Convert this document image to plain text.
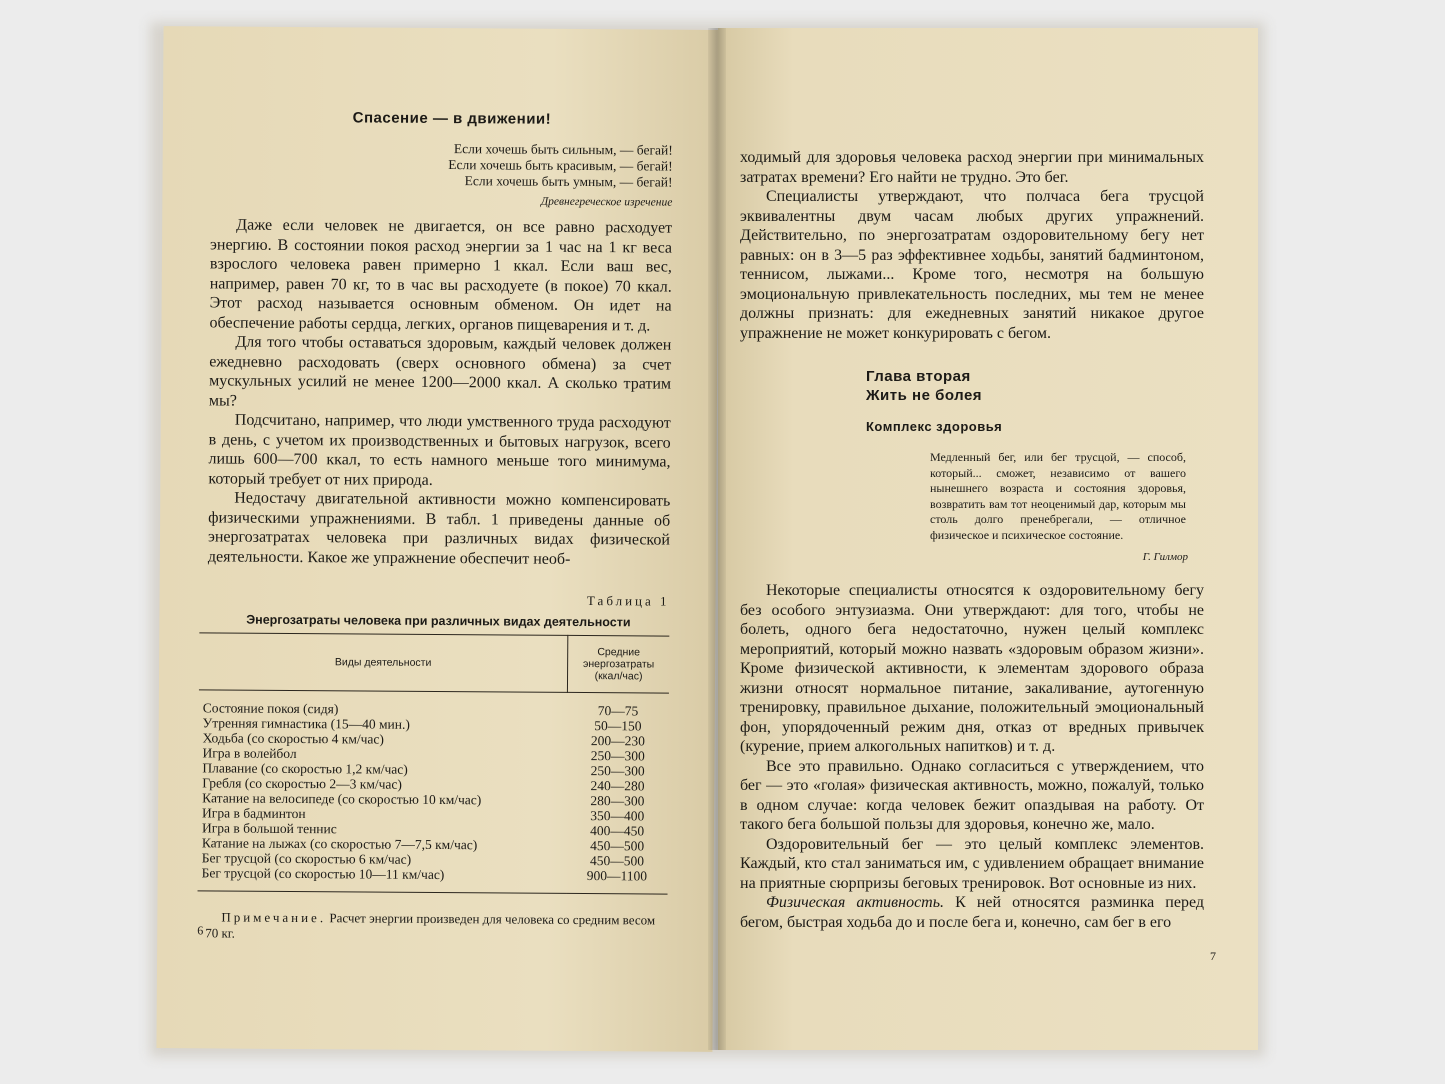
Спасение — в движении!
Если хочешь быть сильным, — бегай!
Если хочешь быть красивым, — бегай!
Если хочешь быть умным, — бегай!
Древнегреческое изречение

Даже если человек не двигается, он все равно расходует энергию. В состоянии покоя расход энергии за 1 час на 1 кг веса взрослого человека равен примерно 1 ккал. Если ваш вес, например, равен 70 кг, то в час вы расходуете (в покое) 70 ккал. Этот расход называется основным обменом. Он идет на обеспечение работы сердца, легких, органов пищеварения и т. д.

Для того чтобы оставаться здоровым, каждый человек должен ежедневно расходовать (сверх основного обмена) за счет мускульных усилий не менее 1200—2000 ккал. А сколько тратим мы?

Подсчитано, например, что люди умственного труда расходуют в день, с учетом их производственных и бытовых нагрузок, всего лишь 600—700 ккал, то есть намного меньше того минимума, который требует от них природа.

Недостачу двигательной активности можно компенсировать физическими упражнениями. В табл. 1 приведены данные об энергозатратах человека при различных видах физической деятельности. Какое же упражнение обеспечит необ-

Таблица 1
Энергозатраты человека при различных видах деятельности
Виды деятельности	Средние энергозатраты (ккал/час)

Состояние покоя (сидя)	70—75
Утренняя гимнастика (15—40 мин.)	50—150
Ходьба (со скоростью 4 км/час)	200—230
Игра в волейбол	250—300
Плавание (со скоростью 1,2 км/час)	250—300
Гребля (со скоростью 2—3 км/час)	240—280
Катание на велосипеде (со скоростью 10 км/час)	280—300
Игра в бадминтон	350—400
Игра в большой теннис	400—450
Катание на лыжах (со скоростью 7—7,5 км/час)	450—500
Бег трусцой (со скоростью 6 км/час)	450—500
Бег трусцой (со скоростью 10—11 км/час)	900—1100
Примечание. Расчет энергии произведен для человека со средним весом 70 кг.
6

ходимый для здоровья человека расход энергии при минимальных затратах времени? Его найти не трудно. Это бег.

Специалисты утверждают, что полчаса бега трусцой эквивалентны двум часам любых других упражнений. Действительно, по энергозатратам оздоровительному бегу нет равных: он в 3—5 раз эффективнее ходьбы, занятий бадминтоном, теннисом, лыжами... Кроме того, несмотря на большую эмоциональную привлекательность последних, мы тем не менее должны признать: для ежедневных занятий никакое другое упражнение не может конкурировать с бегом.

Глава вторая
Жить не болея
Комплекс здоровья
Медленный бег, или бег трусцой, — способ, который... сможет, независимо от вашего нынешнего возраста и состояния здоровья, возвратить вам тот неоценимый дар, которым мы столь долго пренебрегали, — отличное физическое и психическое состояние.
Г. Гилмор

Некоторые специалисты относятся к оздоровительному бегу без особого энтузиазма. Они утверждают: для того, чтобы не болеть, одного бега недостаточно, нужен целый комплекс мероприятий, который можно назвать «здоровым образом жизни». Кроме физической активности, к элементам здорового образа жизни относят нормальное питание, закаливание, аутогенную тренировку, правильное дыхание, положительный эмоциональный фон, упорядоченный режим дня, отказ от вредных привычек (курение, прием алкогольных напитков) и т. д.

Все это правильно. Однако согласиться с утверждением, что бег — это «голая» физическая активность, можно, пожалуй, только в одном случае: когда человек бежит опаздывая на работу. От такого бега большой пользы для здоровья, конечно же, мало.

Оздоровительный бег — это целый комплекс элементов. Каждый, кто стал заниматься им, с удивлением обращает внимание на приятные сюрпризы беговых тренировок. Вот основные из них.

Физическая активность. К ней относятся разминка перед бегом, быстрая ходьба до и после бега и, конечно, сам бег в его

7
